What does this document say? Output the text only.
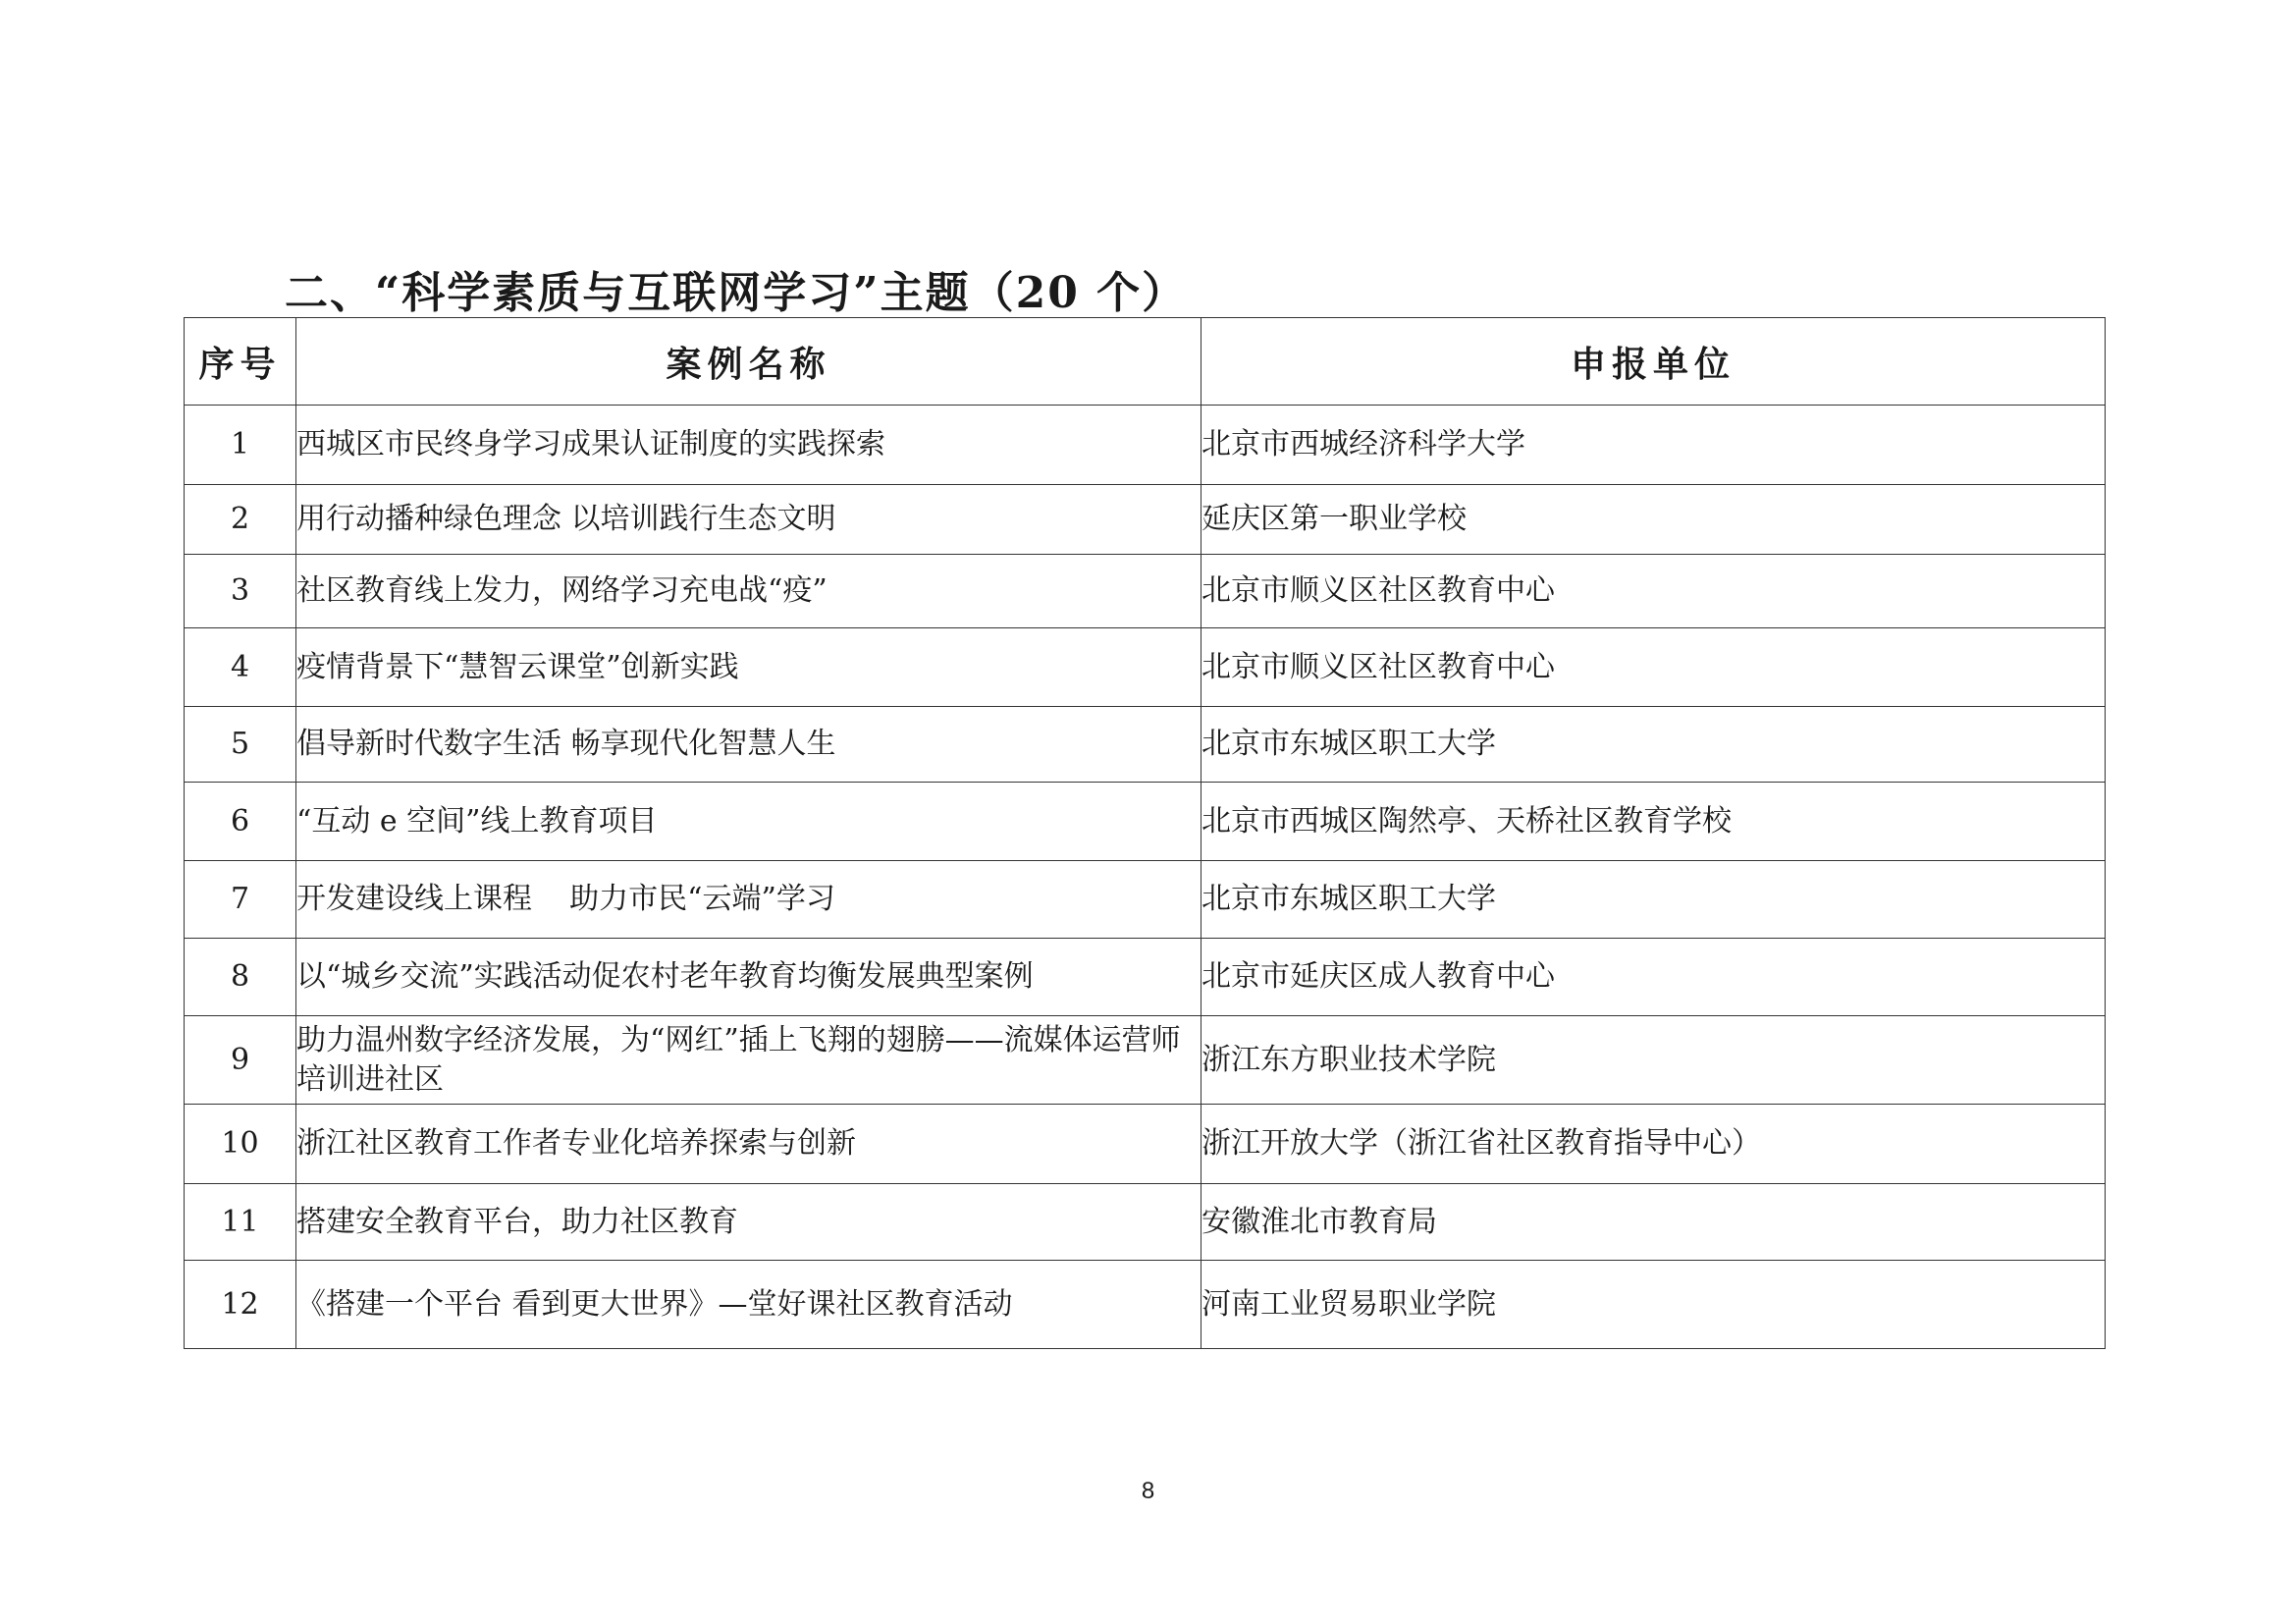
二、“科学素质与互联网学习”主题（20 个）
序号	案例名称	申报单位
1	西城区市民终身学习成果认证制度的实践探索	北京市西城经济科学大学
2	用行动播种绿色理念 以培训践行生态文明	延庆区第一职业学校
3	社区教育线上发力，网络学习充电战“疫”	北京市顺义区社区教育中心
4	疫情背景下“慧智云课堂”创新实践	北京市顺义区社区教育中心
5	倡导新时代数字生活 畅享现代化智慧人生	北京市东城区职工大学
6	“互动 e 空间”线上教育项目	北京市西城区陶然亭、天桥社区教育学校
7	开发建设线上课程    助力市民“云端”学习	北京市东城区职工大学
8	以“城乡交流”实践活动促农村老年教育均衡发展典型案例	北京市延庆区成人教育中心
9	助力温州数字经济发展，为“网红”插上飞翔的翅膀——流媒体运营师培训进社区	浙江东方职业技术学院
10	浙江社区教育工作者专业化培养探索与创新	浙江开放大学（浙江省社区教育指导中心）
11	搭建安全教育平台，助力社区教育	安徽淮北市教育局
12	《搭建一个平台 看到更大世界》—堂好课社区教育活动	河南工业贸易职业学院
8
